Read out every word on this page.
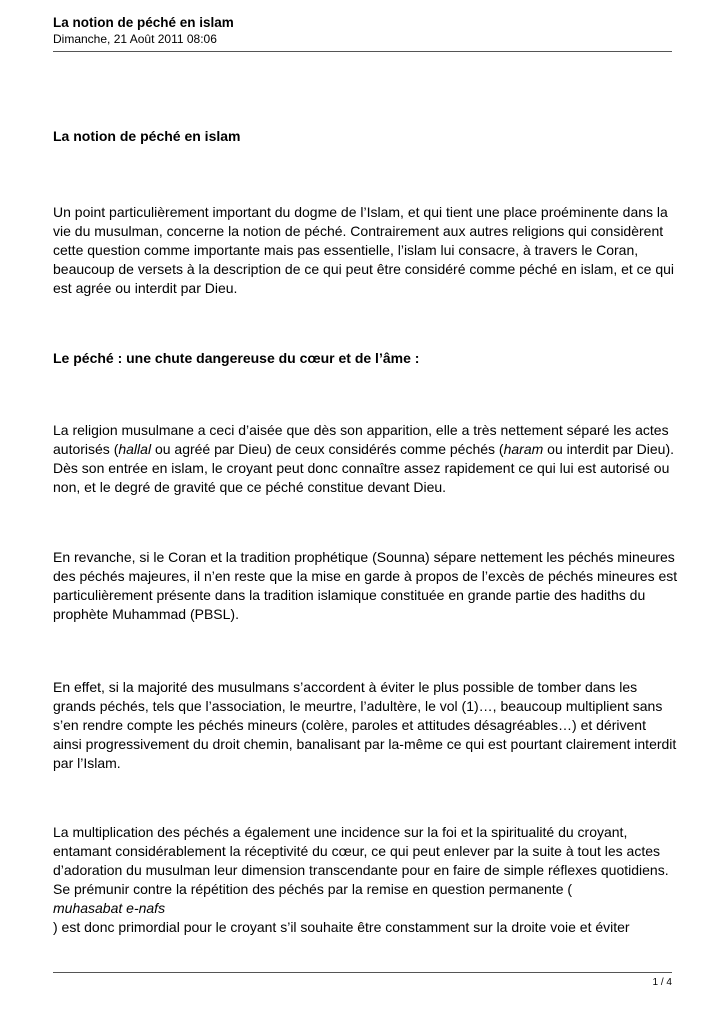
La notion de péché en islam
Dimanche, 21 Août 2011 08:06
La notion de péché en islam

Un point particulièrement important du dogme de l’Islam, et qui tient une place proéminente dans la vie du musulman, concerne la notion de péché. Contrairement aux autres religions qui considèrent cette question comme importante mais pas essentielle, l’islam lui consacre, à travers le Coran, beaucoup de versets à la description de ce qui peut être considéré comme péché en islam, et ce qui est agrée ou interdit par Dieu.

Le péché : une chute dangereuse du cœur et de l’âme :

La religion musulmane a ceci d’aisée que dès son apparition, elle a très nettement séparé les actes autorisés (hallal ou agréé par Dieu) de ceux considérés comme péchés (haram ou interdit par Dieu). Dès son entrée en islam, le croyant peut donc connaître assez rapidement ce qui lui est autorisé ou non, et le degré de gravité que ce péché constitue devant Dieu.

En revanche, si le Coran et la tradition prophétique (Sounna) sépare nettement les péchés mineures des péchés majeures, il n’en reste que la mise en garde à propos de l’excès de péchés mineures est particulièrement présente dans la tradition islamique constituée en grande partie des hadiths du prophète Muhammad (PBSL).

En effet, si la majorité des musulmans s’accordent à éviter le plus possible de tomber dans les grands péchés, tels que l’association, le meurtre, l’adultère, le vol (1)…, beaucoup multiplient sans s’en rendre compte les péchés mineurs (colère, paroles et attitudes désagréables…) et dérivent ainsi progressivement du droit chemin, banalisant par la-même ce qui est pourtant clairement interdit par l’Islam.

La multiplication des péchés a également une incidence sur la foi et la spiritualité du croyant, entamant considérablement la réceptivité du cœur, ce qui peut enlever par la suite à tout les actes d’adoration du musulman leur dimension transcendante pour en faire de simple réflexes quotidiens. Se prémunir contre la répétition des péchés par la remise en question permanente (
muhasabat e-nafs
) est donc primordial pour le croyant s’il souhaite être constamment sur la droite voie et éviter

1 / 4
